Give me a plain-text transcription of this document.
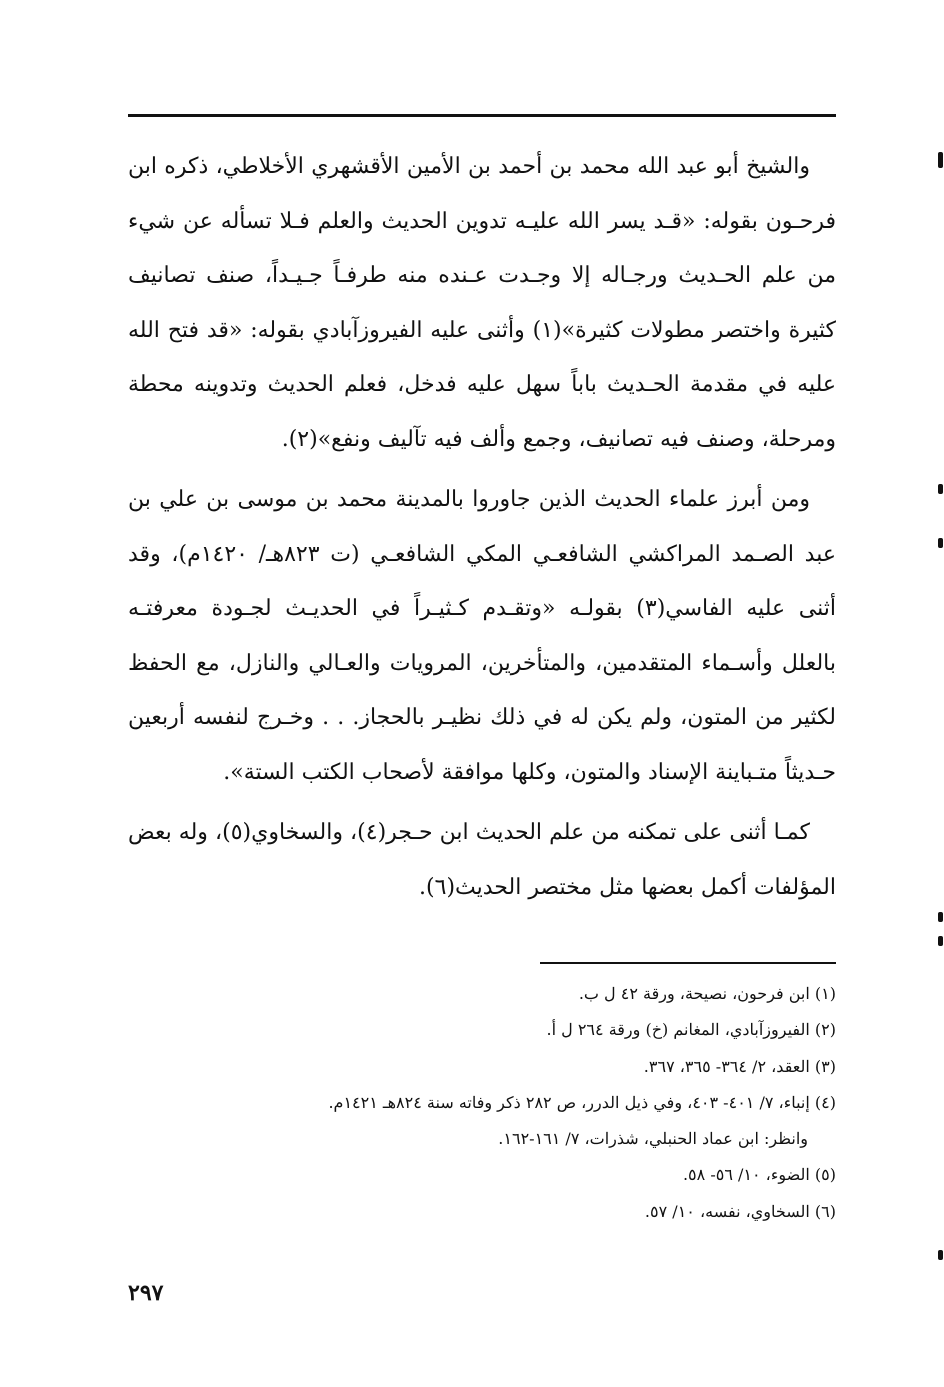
والشيخ أبو عبد الله محمد بن أحمد بن الأمين الأقشهري الأخلاطي، ذكره ابن فرحـون بقوله: «قـد يسر الله عليـه تدوين الحديث والعلم فـلا تسأله عن شيء من علم الحـديث ورجـاله إلا وجـدت عـنده منه طرفـاً جـيـداً، صنف تصانيف كثيرة واختصر مطولات كثيرة»(١) وأثنى عليه الفيروزآبادي بقوله: «قد فتح الله عليه في مقدمة الحـديث باباً سهل عليه فدخل، فعلم الحديث وتدوينه محطة ومرحلة، وصنف فيه تصانيف، وجمع وألف فيه تآليف ونفع»(٢).

ومن أبرز علماء الحديث الذين جاوروا بالمدينة محمد بن موسى بن علي بن عبد الصـمد المراكشي الشافعـي المكي الشافعـي (ت ٨٢٣هـ/ ١٤٢٠م)، وقد أثنى عليه الفاسي(٣) بقولـه «وتقـدم كـثيـراً في الحديـث لجـودة معرفتـه بالعلل وأسـماء المتقدمين، والمتأخرين، المرويات والعـالي والنازل، مع الحفظ لكثير من المتون، ولم يكن له في ذلك نظيـر بالحجاز. . . وخـرج لنفسه أربعين حـديثاً متـباينة الإسناد والمتون، وكلها موافقة لأصحاب الكتب الستة».

كمـا أثنى على تمكنه من علم الحديث ابن حـجر(٤)، والسخاوي(٥)، وله بعض المؤلفات أكمل بعضها مثل مختصر الحديث(٦).

(١) ابن فرحون، نصيحة، ورقة ٤٢ ل ب.

(٢) الفيروزآبادي، المغانم (خ) ورقة ٢٦٤ ل أ.

(٣) العقد، ٢/ ٣٦٤- ٣٦٥، ٣٦٧.

(٤) إنباء، ٧/ ٤٠١- ٤٠٣، وفي ذيل الدرر، ص ٢٨٢ ذكر وفاته سنة ٨٢٤هـ ١٤٢١م.

وانظر: ابن عماد الحنبلي، شذرات، ٧/ ١٦١-١٦٢.

(٥) الضوء، ١٠/ ٥٦- ٥٨.

(٦) السخاوي، نفسه، ١٠/ ٥٧.

٢٩٧
